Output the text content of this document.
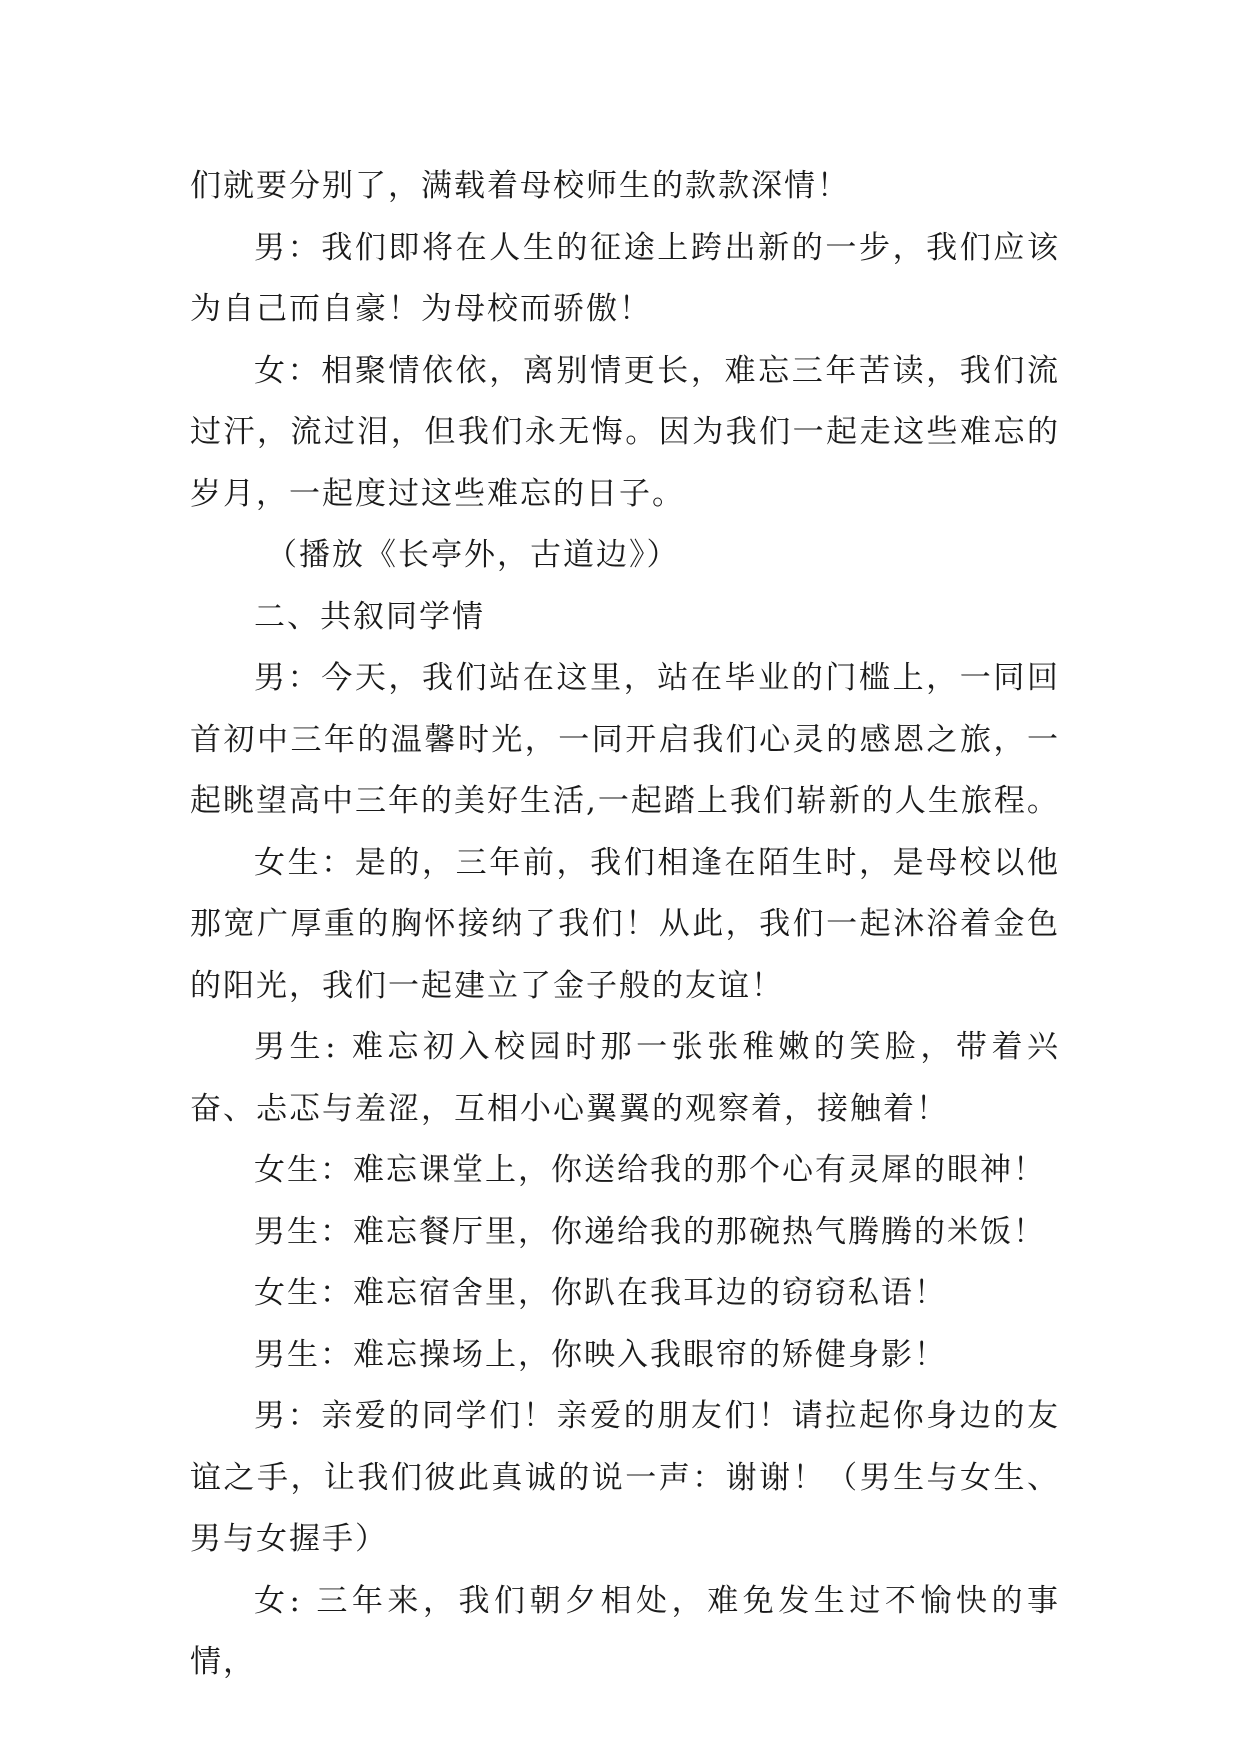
们就要分别了，满载着母校师生的款款深情！

男：我们即将在人生的征途上跨出新的一步，我们应该为自己而自豪！为母校而骄傲！

女：相聚情依依，离别情更长，难忘三年苦读，我们流过汗，流过泪，但我们永无悔。因为我们一起走这些难忘的岁月，一起度过这些难忘的日子。

（播放《长亭外，古道边》）

二、共叙同学情

男：今天，我们站在这里，站在毕业的门槛上，一同回首初中三年的温馨时光，一同开启我们心灵的感恩之旅，一起眺望高中三年的美好生活,一起踏上我们崭新的人生旅程。

女生：是的，三年前，我们相逢在陌生时，是母校以他那宽广厚重的胸怀接纳了我们！从此，我们一起沐浴着金色的阳光，我们一起建立了金子般的友谊！

男生: 难忘初入校园时那一张张稚嫩的笑脸，带着兴奋、忐忑与羞涩，互相小心翼翼的观察着，接触着！

女生：难忘课堂上，你送给我的那个心有灵犀的眼神！

男生：难忘餐厅里，你递给我的那碗热气腾腾的米饭！

女生：难忘宿舍里，你趴在我耳边的窃窃私语！

男生：难忘操场上，你映入我眼帘的矫健身影！

男：亲爱的同学们！亲爱的朋友们！请拉起你身边的友谊之手，让我们彼此真诚的说一声：谢谢！（男生与女生、男与女握手）

女: 三年来，我们朝夕相处，难免发生过不愉快的事情，
